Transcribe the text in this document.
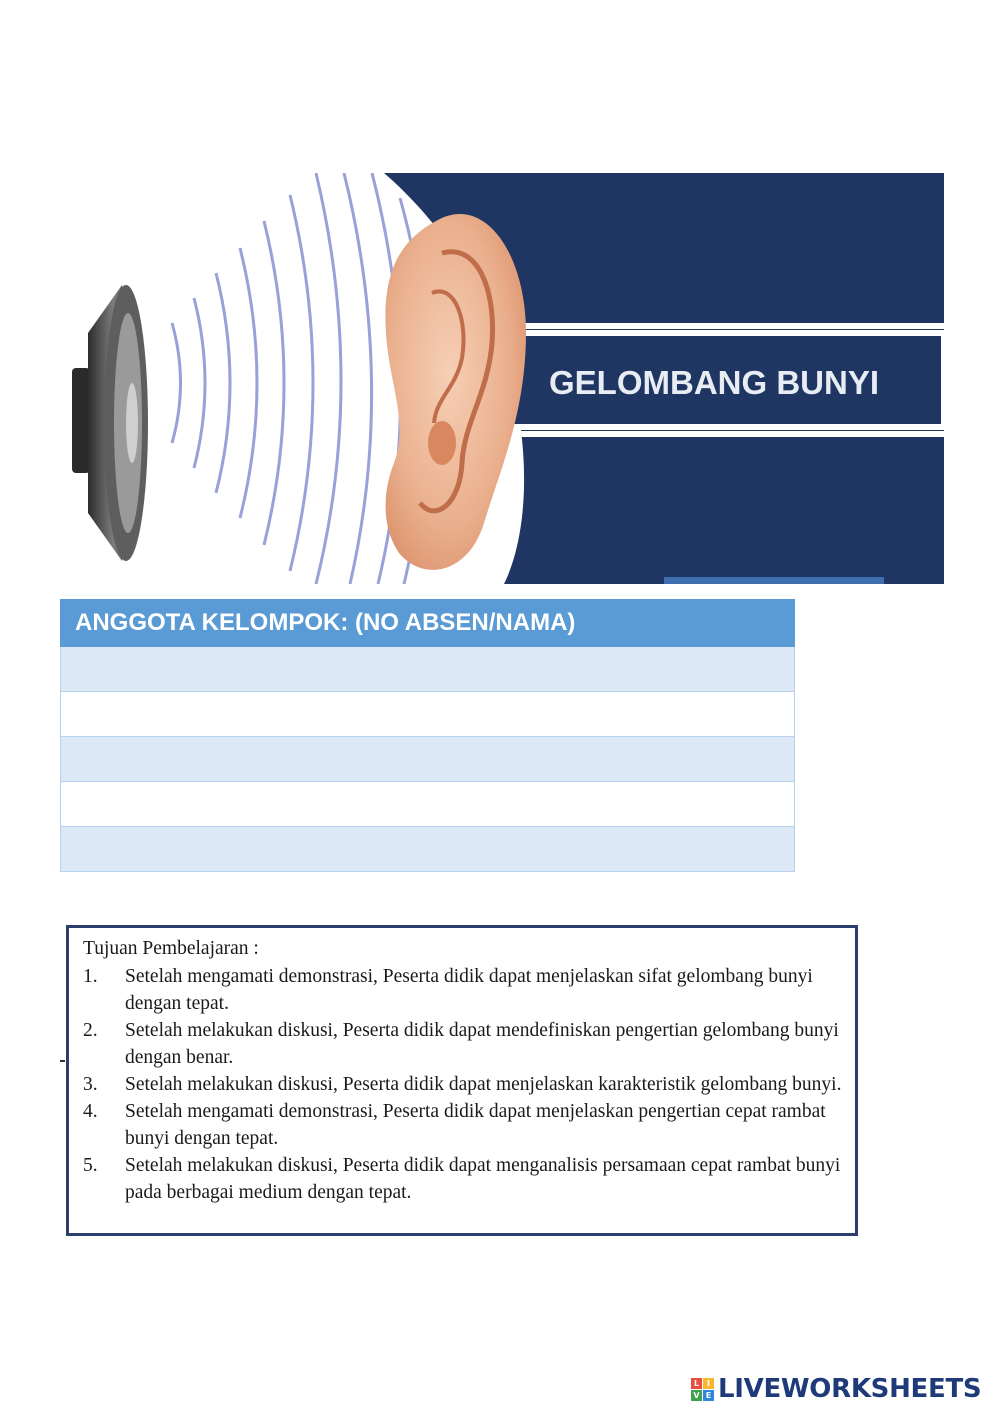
GELOMBANG BUNYI
ANGGOTA KELOMPOK: (NO ABSEN/NAMA)

Tujuan Pembelajaran :
1.	Setelah mengamati demonstrasi, Peserta didik dapat menjelaskan sifat gelombang bunyi dengan tepat.
2.	Setelah melakukan diskusi, Peserta didik dapat mendefiniskan pengertian gelombang bunyi dengan benar.
3.	Setelah melakukan diskusi, Peserta didik dapat menjelaskan karakteristik gelombang bunyi.
4.	Setelah mengamati demonstrasi, Peserta didik dapat menjelaskan pengertian cepat rambat bunyi dengan tepat.
5.	Setelah melakukan diskusi, Peserta didik dapat menganalisis persamaan cepat rambat bunyi pada berbagai medium dengan tepat.
L I
V E LIVEWORKSHEETS
